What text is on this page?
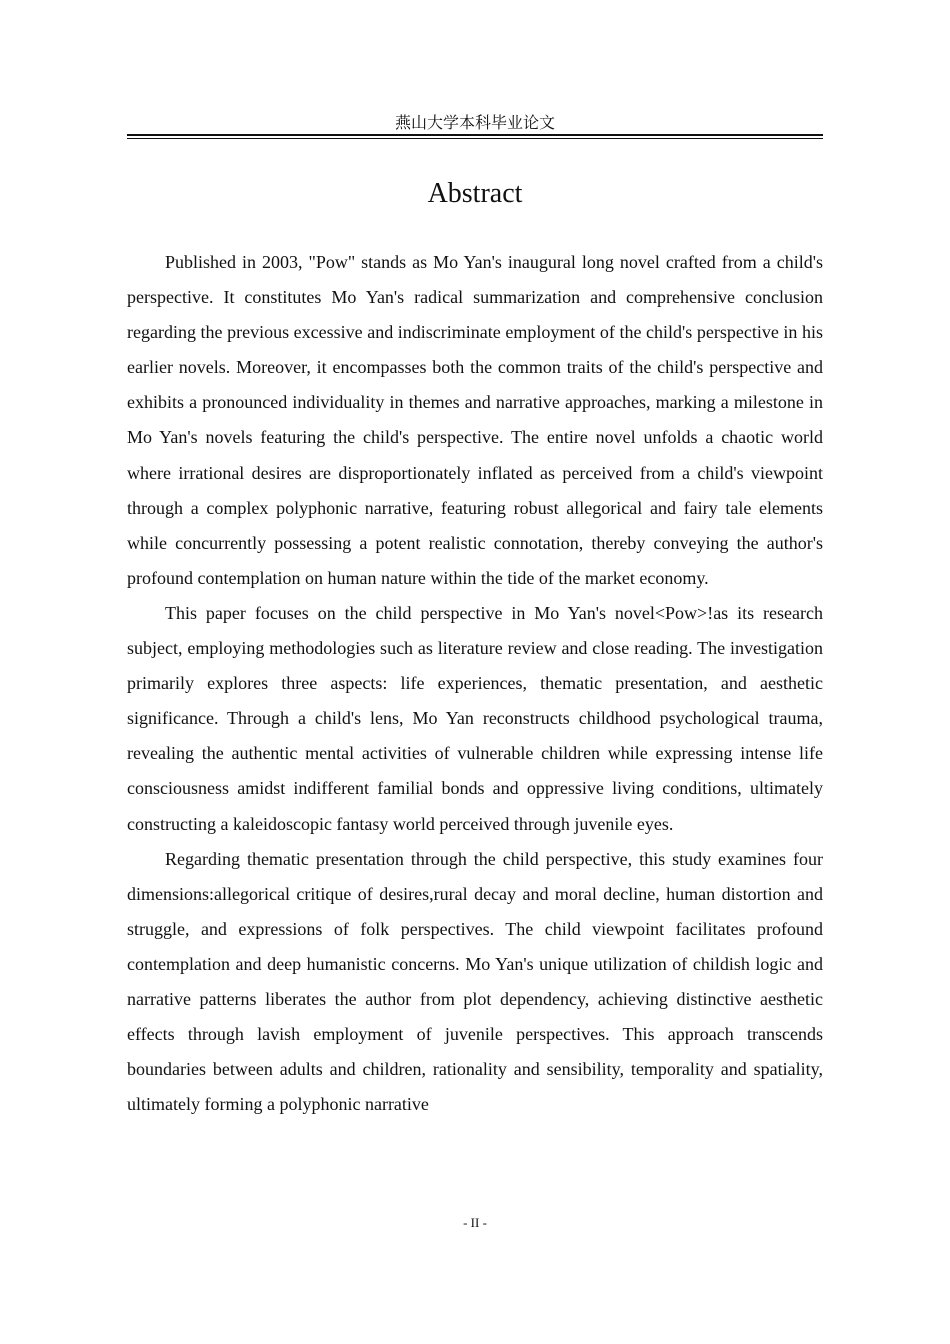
燕山大学本科毕业论文
Abstract

Published in 2003, "Pow" stands as Mo Yan's inaugural long novel crafted from a child's perspective. It constitutes Mo Yan's radical summarization and comprehensive conclusion regarding the previous excessive and indiscriminate employment of the child's perspective in his earlier novels. Moreover, it encompasses both the common traits of the child's perspective and exhibits a pronounced individuality in themes and narrative approaches, marking a milestone in Mo Yan's novels featuring the child's perspective. The entire novel unfolds a chaotic world where irrational desires are disproportionately inflated as perceived from a child's viewpoint through a complex polyphonic narrative, featuring robust allegorical and fairy tale elements while concurrently possessing a potent realistic connotation, thereby conveying the author's profound contemplation on human nature within the tide of the market economy.

This paper focuses on the child perspective in Mo Yan's novel<Pow>!as its research subject, employing methodologies such as literature review and close reading. The investigation primarily explores three aspects: life experiences, thematic presentation, and aesthetic significance. Through a child's lens, Mo Yan reconstructs childhood psychological trauma, revealing the authentic mental activities of vulnerable children while expressing intense life consciousness amidst indifferent familial bonds and oppressive living conditions, ultimately constructing a kaleidoscopic fantasy world perceived through juvenile eyes.

Regarding thematic presentation through the child perspective, this study examines four dimensions:allegorical critique of desires,rural decay and moral decline, human distortion and struggle, and expressions of folk perspectives. The child viewpoint facilitates profound contemplation and deep humanistic concerns. Mo Yan's unique utilization of childish logic and narrative patterns liberates the author from plot dependency, achieving distinctive aesthetic effects through lavish employment of juvenile perspectives. This approach transcends boundaries between adults and children, rationality and sensibility, temporality and spatiality, ultimately forming a polyphonic narrative

- II -
